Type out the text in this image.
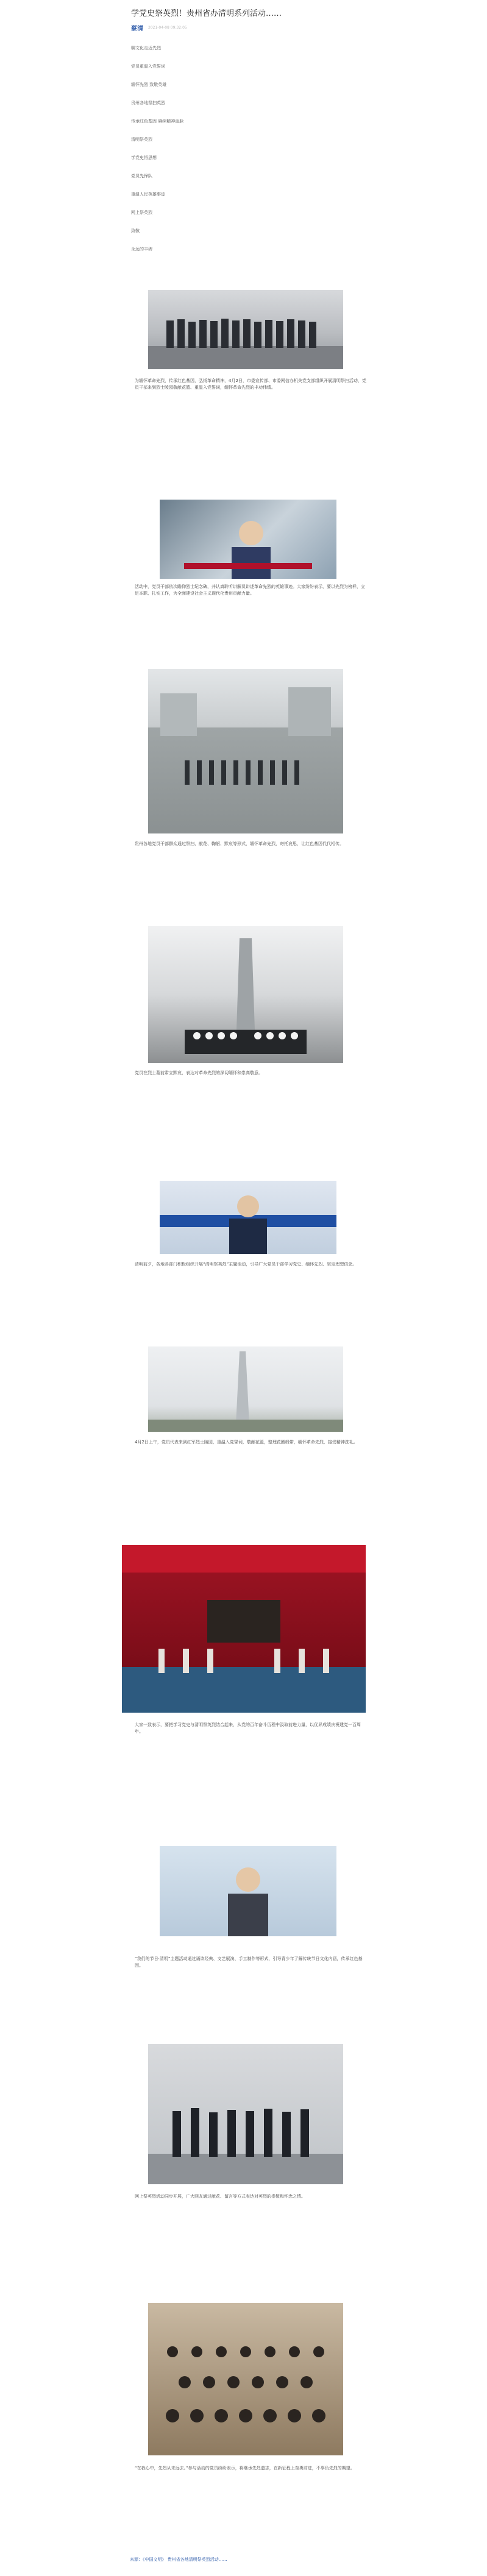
学党史祭英烈！贵州省办清明系列活动……
蔡清 2021-04-08 09:32:05
聊文化走近先烈
党员重温入党誓词
缅怀先烈 致敬英雄
贵州各地祭扫英烈
传承红色基因 赓续精神血脉
清明祭英烈
学党史悟思想
党员先锋队
重温人民英雄事迹
网上祭英烈
致敬
永远的丰碑
为缅怀革命先烈，传承红色基因，弘扬革命精神，4月2日，市委宣传部、市委网信办机关党支部组织开展清明祭扫活动，党员干部来到烈士陵园敬献花篮、重温入党誓词，缅怀革命先烈的丰功伟绩。
活动中，党员干部依次瞻仰烈士纪念碑，并认真聆听讲解员讲述革命先烈的英雄事迹。大家纷纷表示，要以先烈为榜样，立足本职、扎实工作，为全面建设社会主义现代化贵州贡献力量。
贵州各地党员干部群众通过祭扫、献花、鞠躬、默哀等形式，缅怀革命先烈，寄托哀思，让红色基因代代相传。
党员在烈士墓前肃立默哀，表达对革命先烈的深切缅怀和崇高敬意。
清明前夕，各地各部门积极组织开展“清明祭英烈”主题活动，引导广大党员干部学习党史、缅怀先烈、坚定理想信念。
4月2日上午，党员代表来到红军烈士陵园，重温入党誓词，敬献花篮，整理花圈缎带，缅怀革命先烈，接受精神洗礼。
大家一致表示，要把学习党史与清明祭英烈结合起来，从党的百年奋斗历程中汲取前进力量，以优异成绩庆祝建党一百周年。
“我们的节日·清明”主题活动通过诵读经典、文艺展演、手工制作等形式，引导青少年了解传统节日文化内涵，传承红色基因。
网上祭英烈活动同步开展，广大网友通过献花、留言等方式表达对英烈的崇敬和怀念之情。
“在我心中，先烈从未远去。”参与活动的党员纷纷表示，将继承先烈遗志，在新征程上奋勇前进，不辜负先烈的期望。
来源：《中国文明》 贵州省各地清明祭英烈活动……
